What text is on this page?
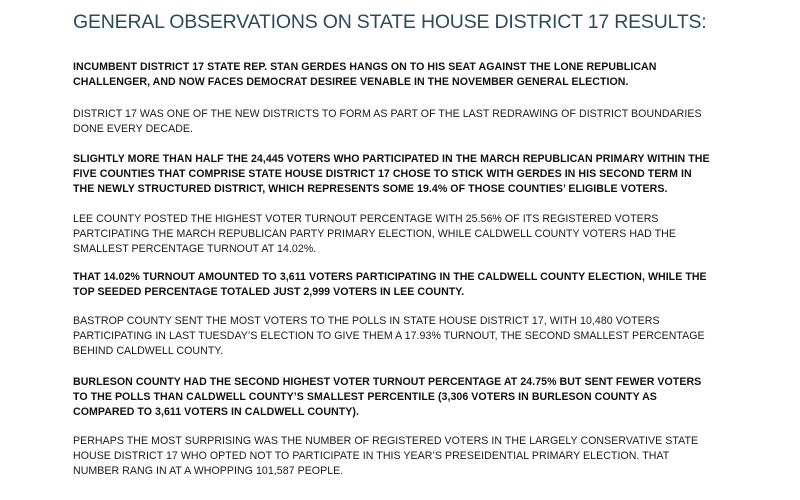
GENERAL OBSERVATIONS ON STATE HOUSE DISTRICT 17 RESULTS:

INCUMBENT DISTRICT 17 STATE REP. STAN GERDES HANGS ON TO HIS SEAT AGAINST THE LONE REPUBLICAN CHALLENGER, AND NOW FACES DEMOCRAT DESIREE VENABLE IN THE NOVEMBER GENERAL ELECTION.

DISTRICT 17 WAS ONE OF THE NEW DISTRICTS TO FORM AS PART OF THE LAST REDRAWING OF DISTRICT BOUNDARIES DONE EVERY DECADE.

SLIGHTLY MORE THAN HALF THE 24,445 VOTERS WHO PARTICIPATED IN THE MARCH REPUBLICAN PRIMARY WITHIN THE FIVE COUNTIES THAT COMPRISE STATE HOUSE DISTRICT 17 CHOSE TO STICK WITH GERDES IN HIS SECOND TERM IN THE NEWLY STRUCTURED DISTRICT, WHICH REPRESENTS SOME 19.4% OF THOSE COUNTIES’ ELIGIBLE VOTERS.

LEE COUNTY POSTED THE HIGHEST VOTER TURNOUT PERCENTAGE WITH 25.56% OF ITS REGISTERED VOTERS PARTCIPATING THE MARCH REPUBLICAN PARTY PRIMARY ELECTION, WHILE CALDWELL COUNTY VOTERS HAD THE SMALLEST PERCENTAGE TURNOUT AT 14.02%.

THAT 14.02% TURNOUT AMOUNTED TO 3,611 VOTERS PARTICIPATING IN THE CALDWELL COUNTY ELECTION, WHILE THE TOP SEEDED PERCENTAGE TOTALED JUST 2,999 VOTERS IN LEE COUNTY.

BASTROP COUNTY SENT THE MOST VOTERS TO THE POLLS IN STATE HOUSE DISTRICT 17, WITH 10,480 VOTERS PARTICIPATING IN LAST TUESDAY’S ELECTION TO GIVE THEM A 17.93% TURNOUT, THE SECOND SMALLEST PERCENTAGE BEHIND CALDWELL COUNTY.

BURLESON COUNTY HAD THE SECOND HIGHEST VOTER TURNOUT PERCENTAGE AT 24.75% BUT SENT FEWER VOTERS TO THE POLLS THAN CALDWELL COUNTY’S SMALLEST PERCENTILE (3,306 VOTERS IN BURLESON COUNTY AS COMPARED TO 3,611 VOTERS IN CALDWELL COUNTY).

PERHAPS THE MOST SURPRISING WAS THE NUMBER OF REGISTERED VOTERS IN THE LARGELY CONSERVATIVE STATE HOUSE DISTRICT 17 WHO OPTED NOT TO PARTICIPATE IN THIS YEAR’S PRESEIDENTIAL PRIMARY ELECTION. THAT NUMBER RANG IN AT A WHOPPING 101,587 PEOPLE.
